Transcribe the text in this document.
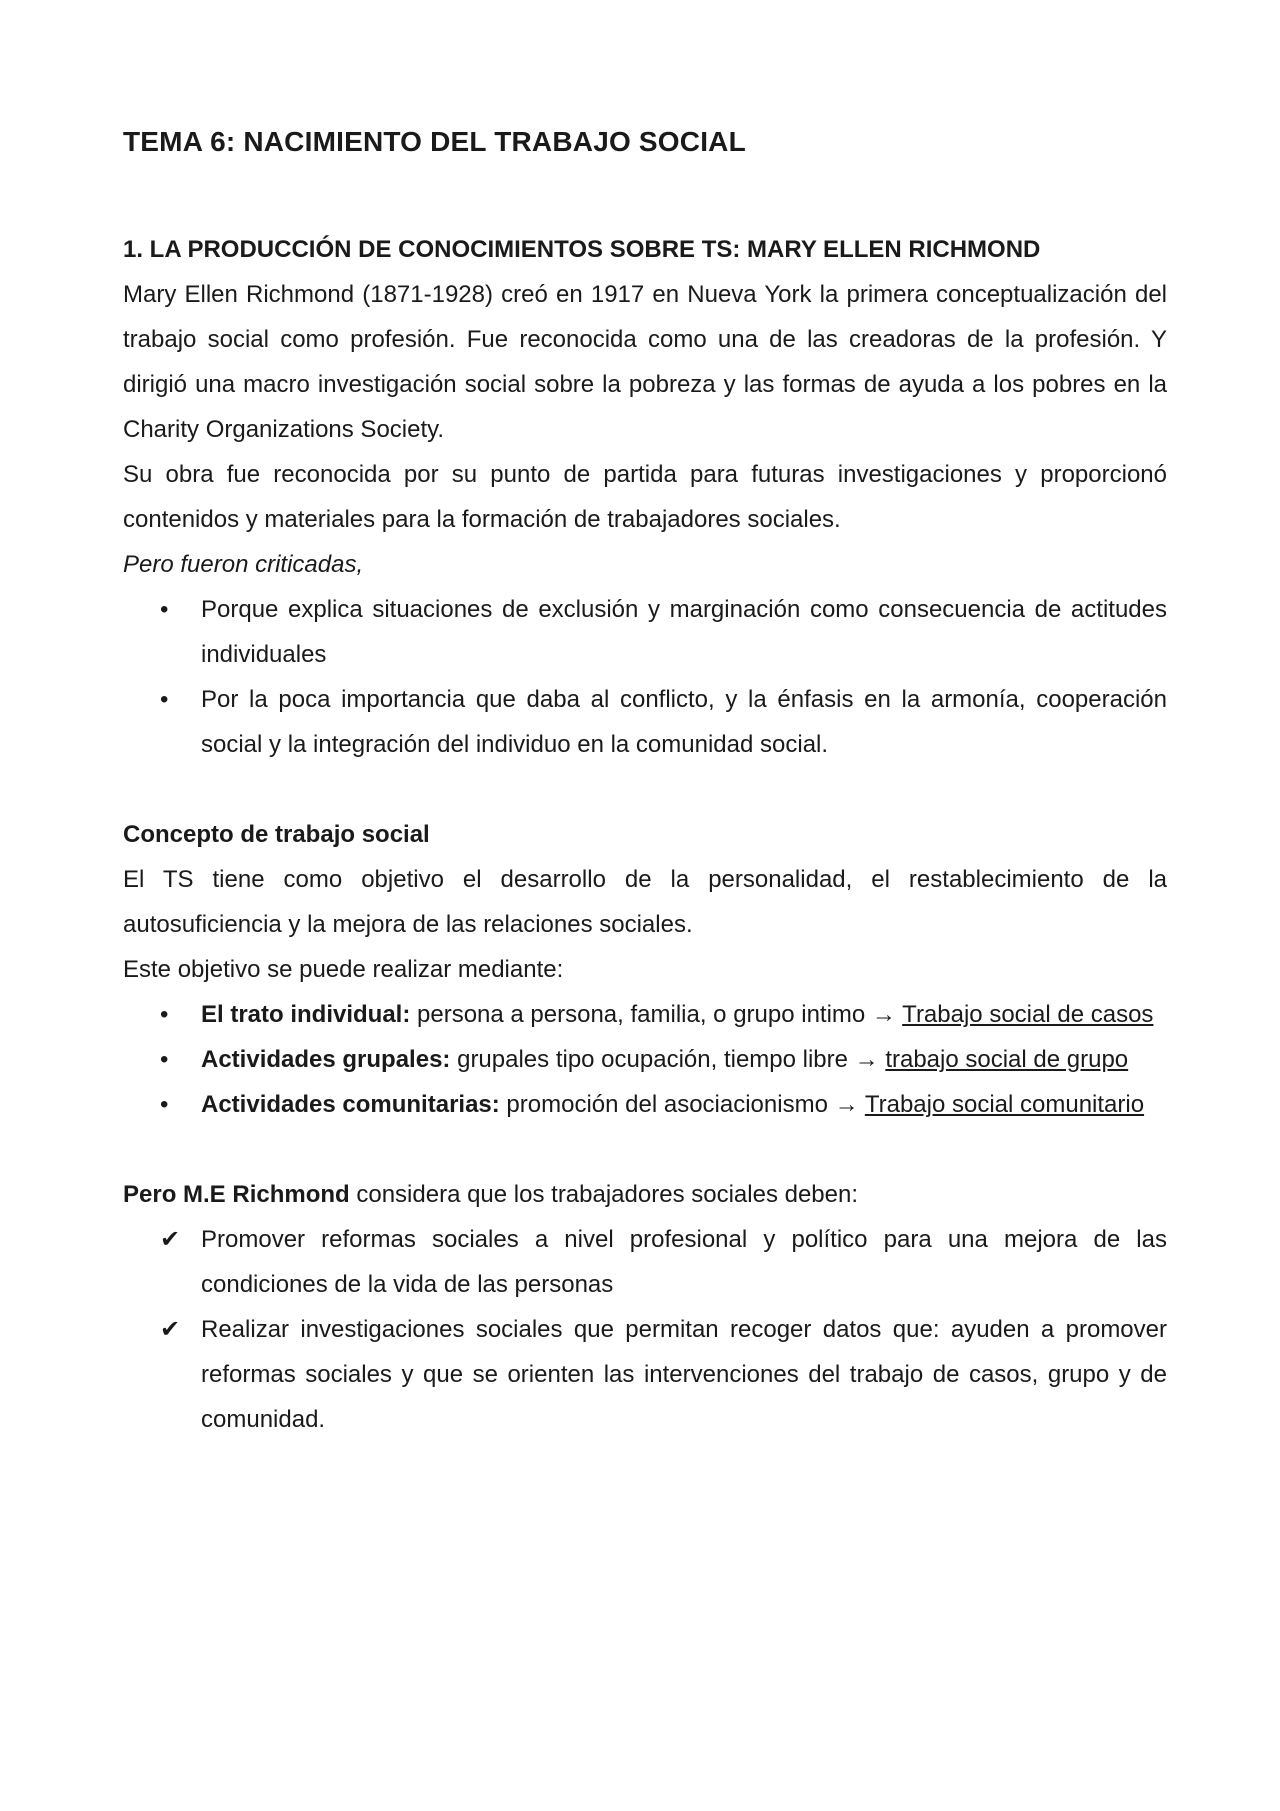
TEMA 6: NACIMIENTO DEL TRABAJO SOCIAL
1. LA PRODUCCIÓN DE CONOCIMIENTOS SOBRE TS: MARY ELLEN RICHMOND

Mary Ellen Richmond (1871-1928) creó en 1917 en Nueva York la primera conceptualización del trabajo social como profesión. Fue reconocida como una de las creadoras de la profesión. Y dirigió una macro investigación social sobre la pobreza y las formas de ayuda a los pobres en la Charity Organizations Society.

Su obra fue reconocida por su punto de partida para futuras investigaciones y proporcionó contenidos y materiales para la formación de trabajadores sociales.

Pero fueron criticadas,

•	Porque explica situaciones de exclusión y marginación como consecuencia de actitudes individuales
•	Por la poca importancia que daba al conflicto, y la énfasis en la armonía, cooperación social y la integración del individuo en la comunidad social.
Concepto de trabajo social

El TS tiene como objetivo el desarrollo de la personalidad, el restablecimiento de la autosuficiencia y la mejora de las relaciones sociales.

Este objetivo se puede realizar mediante:

•	El trato individual: persona a persona, familia, o grupo intimo → Trabajo social de casos
•	Actividades grupales: grupales tipo ocupación, tiempo libre → trabajo social de grupo
•	Actividades comunitarias: promoción del asociacionismo → Trabajo social comunitario

Pero M.E Richmond considera que los trabajadores sociales deben:

✔ Promover reformas sociales a nivel profesional y político para una mejora de las condiciones de la vida de las personas
✔ Realizar investigaciones sociales que permitan recoger datos que: ayuden a promover reformas sociales y que se orienten las intervenciones del trabajo de casos, grupo y de comunidad.
